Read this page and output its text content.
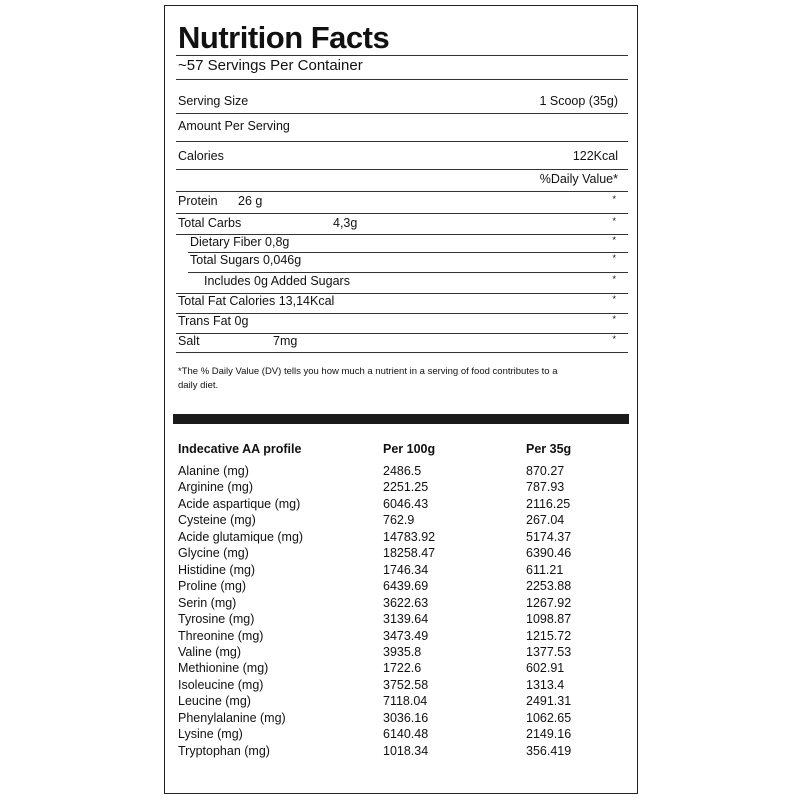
Nutrition Facts
~57 Servings Per Container
Serving Size	1 Scoop (35g)
Amount Per Serving
Calories	122Kcal
%Daily Value*
Protein 26 g	*
Total Carbs	4,3g	*
Dietary Fiber 0,8g	*
Total Sugars 0,046g	*
Includes 0g Added Sugars	*
Total Fat Calories 13,14Kcal	*
Trans Fat 0g	*
Salt	7mg	*
*The % Daily Value (DV) tells you how much a nutrient in a serving of food contributes to a daily diet.
Indecative AA profile	Per 100g	Per 35g
Alanine (mg)	2486.5	870.27
Arginine (mg)	2251.25	787.93
Acide aspartique (mg)	6046.43	2116.25
Cysteine (mg)	762.9	267.04
Acide glutamique (mg)	14783.92	5174.37
Glycine (mg)	18258.47	6390.46
Histidine (mg)	1746.34	611.21
Proline (mg)	6439.69	2253.88
Serin (mg)	3622.63	1267.92
Tyrosine (mg)	3139.64	1098.87
Threonine (mg)	3473.49	1215.72
Valine (mg)	3935.8	1377.53
Methionine (mg)	1722.6	602.91
Isoleucine (mg)	3752.58	1313.4
Leucine (mg)	7118.04	2491.31
Phenylalanine (mg)	3036.16	1062.65
Lysine (mg)	6140.48	2149.16
Tryptophan (mg)	1018.34	356.419
